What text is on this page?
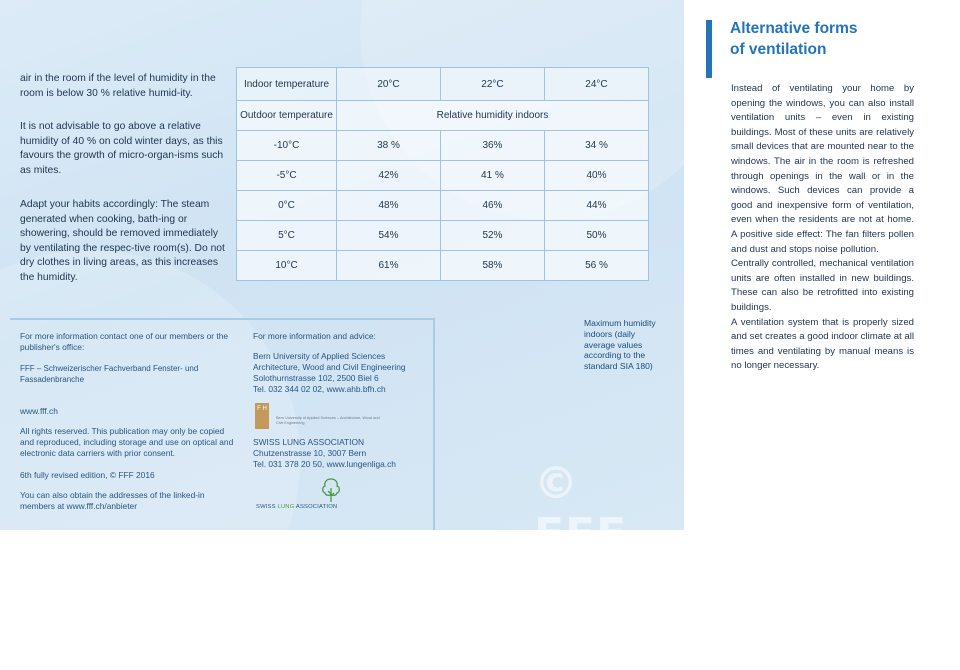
air in the room if the level of humidity in the room is below 30 % relative humid-ity.
It is not advisable to go above a relative humidity of 40 % on cold winter days, as this favours the growth of micro-organ-isms such as mites.
Adapt your habits accordingly: The steam generated when cooking, bath-ing or showering, should be removed immediately by ventilating the respec-tive room(s). Do not dry clothes in living areas, as this increases the humidity.
Indoor temperature	20°C	22°C	24°C
Outdoor temperature	Relative humidity indoors		
-10°C	38 %	36%	34 %
-5°C	42%	41 %	40%
0°C	48%	46%	44%
5°C	54%	52%	50%
10°C	61%	58%	56 %
Maximum humidity indoors (daily average values according to the standard SIA 180)
For more information contact one of our members or the publisher's office:
FFF – Schweizerischer Fachverband Fenster- und Fassadenbranche
www.fff.ch
All rights reserved. This publication may only be copied and reproduced, including storage and use on optical and electronic data carriers with prior consent.
6th fully revised edition, © FFF 2016
You can also obtain the addresses of the linked-in members at www.fff.ch/anbieter
For more information and advice:
Bern University of Applied Sciences
Architecture, Wood and Civil Engineering
Solothurnstrasse 102, 2500 Biel 6
Tel. 032 344 02 02, www.ahb.bfh.ch
F H
Bern University of Applied Sciences – Architecture, Wood and Civil Engineering
SWISS LUNG ASSOCIATION
Chutzenstrasse 10, 3007 Bern
Tel. 031 378 20 50, www.lungenliga.ch
SWISS LUNG ASSOCIATION	© FFF
Alternative forms
of ventilation

Instead of ventilating your home by opening the windows, you can also install ventilation units – even in existing buildings. Most of these units are relatively small devices that are mounted near to the windows. The air in the room is refreshed through openings in the wall or in the windows. Such devices can provide a good and inexpensive form of ventilation, even when the residents are not at home. A positive side effect: The fan filters pollen and dust and stops noise pollution.

Centrally controlled, mechanical ventilation units are often installed in new buildings. These can also be retrofitted into existing buildings.

A ventilation system that is properly sized and set creates a good indoor climate at all times and ventilating by manual means is no longer necessary.
